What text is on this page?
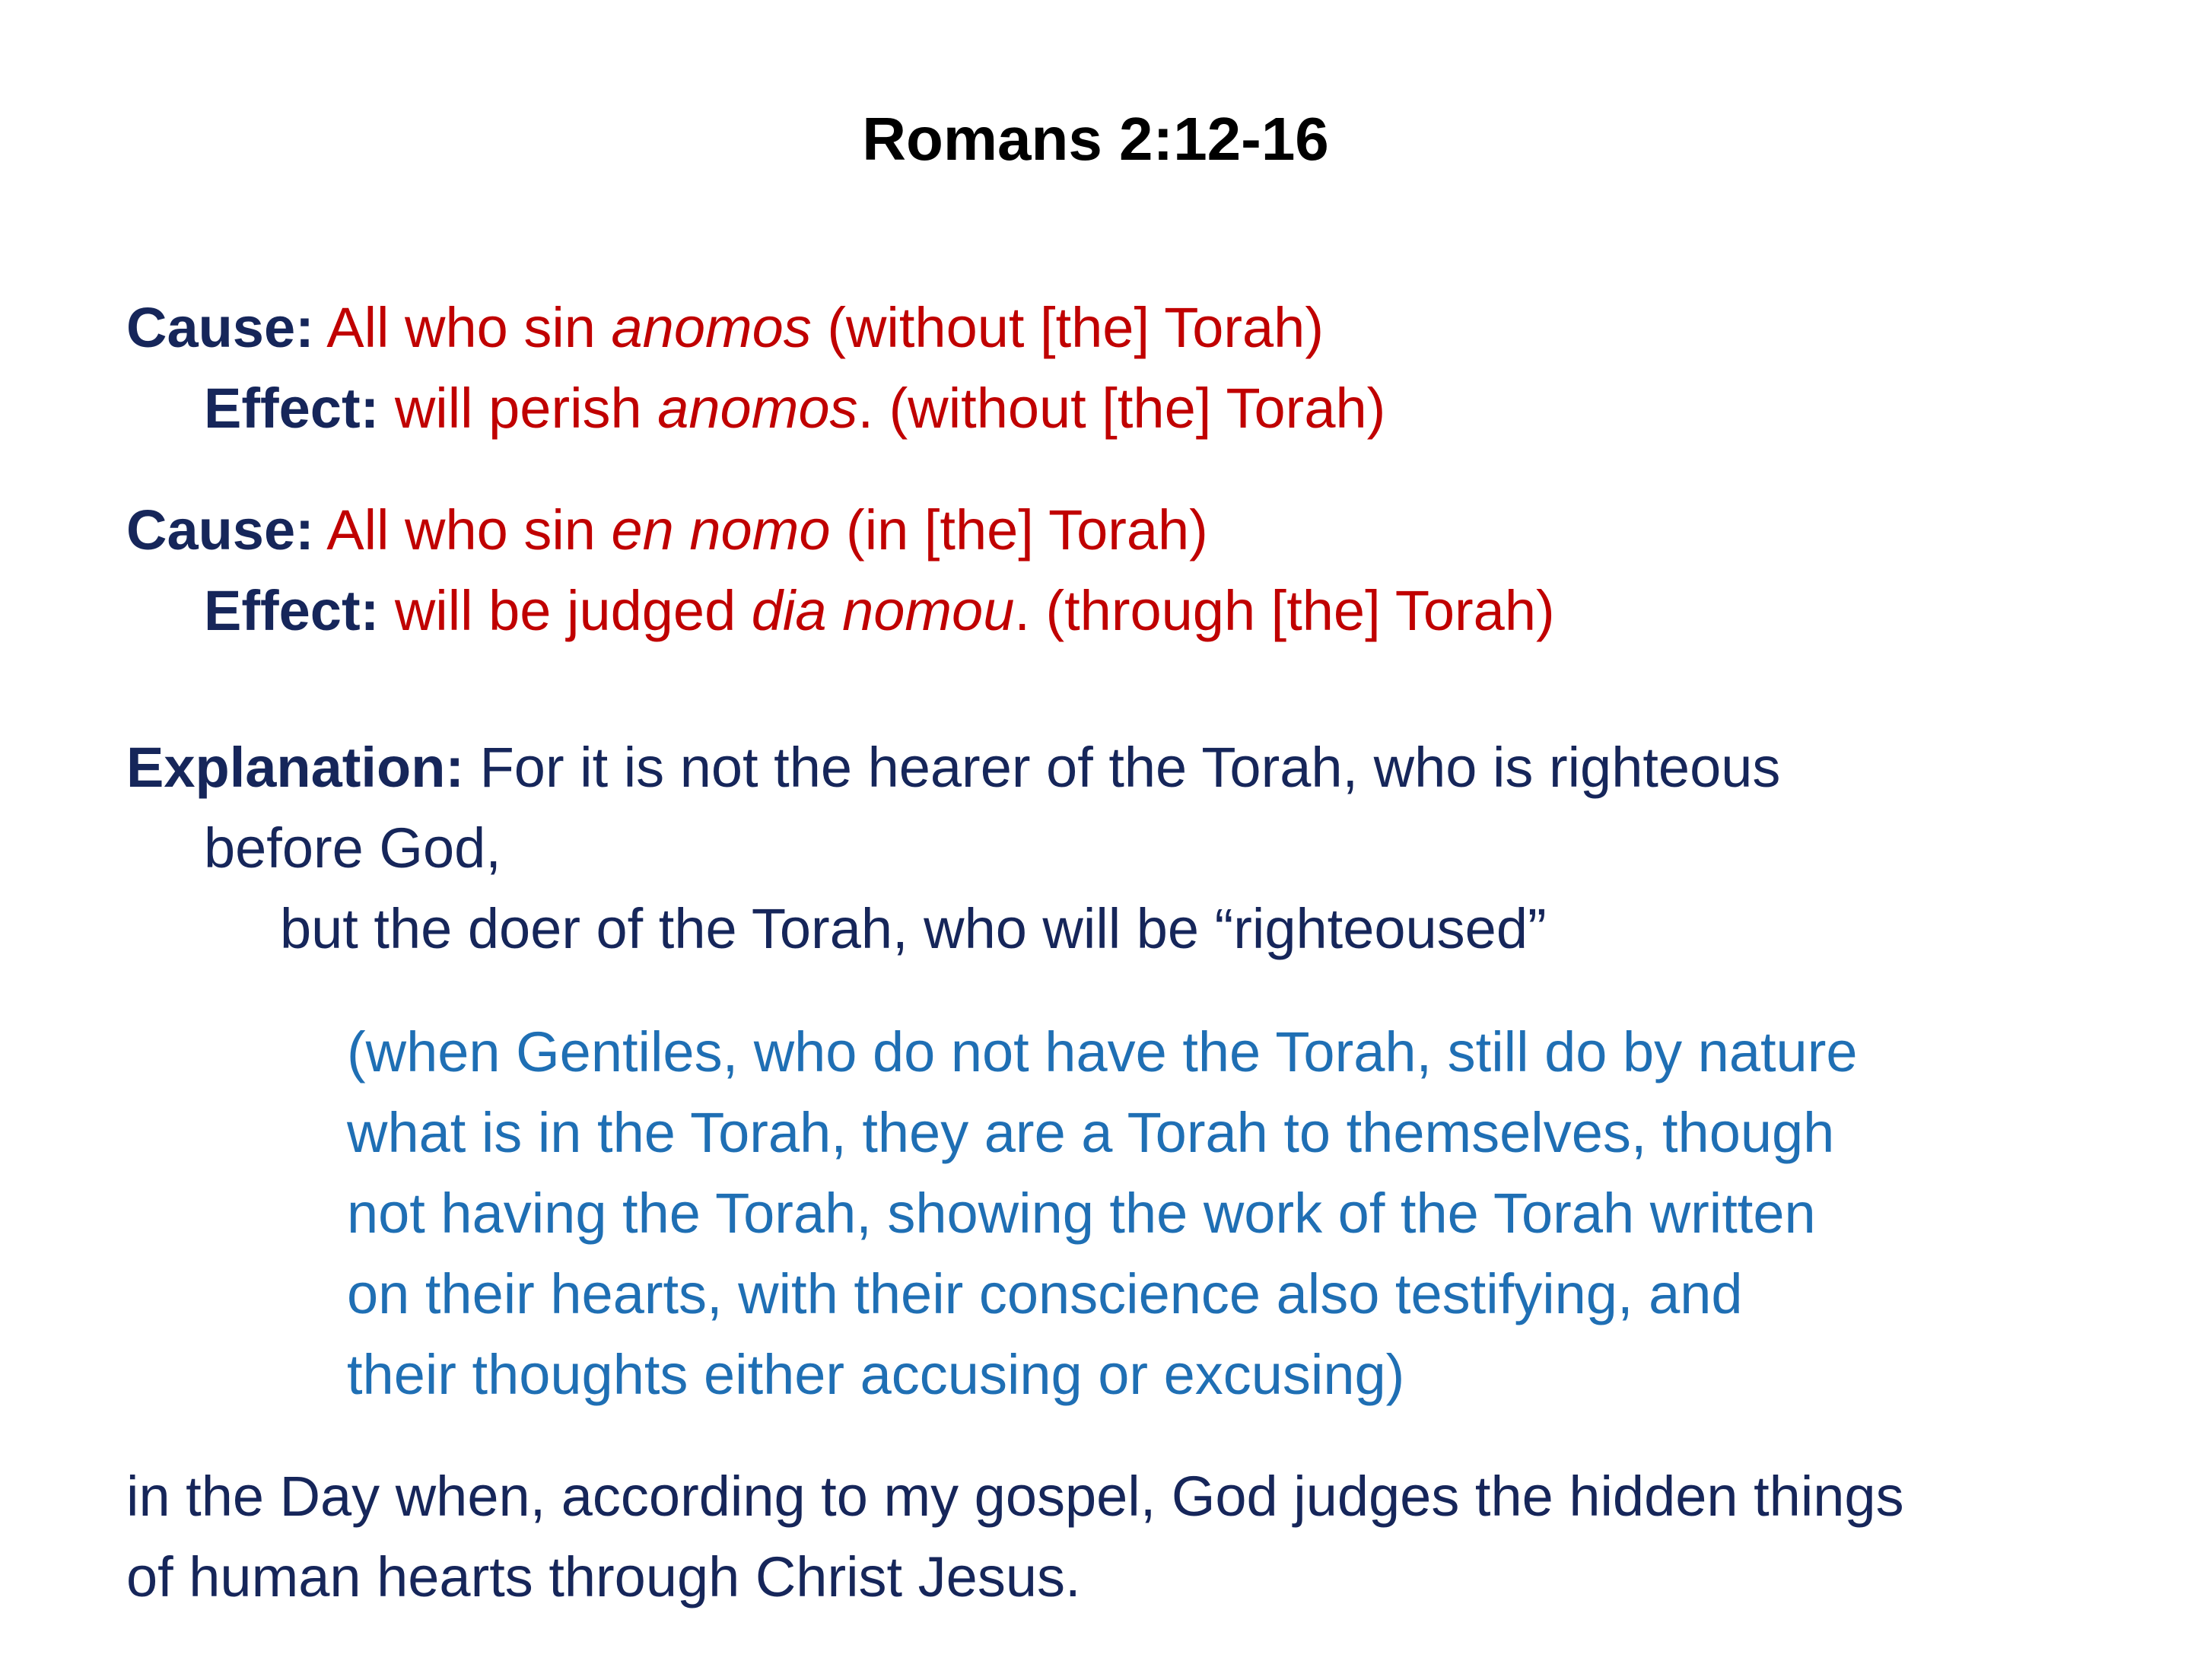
Romans 2:12-16
Cause: All who sin anomos (without [the] Torah)
Effect: will perish anomos. (without [the] Torah)
Cause: All who sin en nomo (in [the] Torah)
Effect: will be judged dia nomou. (through [the] Torah)
Explanation: For it is not the hearer of the Torah, who is righteous
before God,
but the doer of the Torah, who will be “righteoused”
(when Gentiles, who do not have the Torah, still do by nature
what is in the Torah, they are a Torah to themselves, though
not having the Torah, showing the work of the Torah written
on their hearts, with their conscience also testifying, and
their thoughts either accusing or excusing)
in the Day when, according to my gospel, God judges the hidden things
of human hearts through Christ Jesus.
